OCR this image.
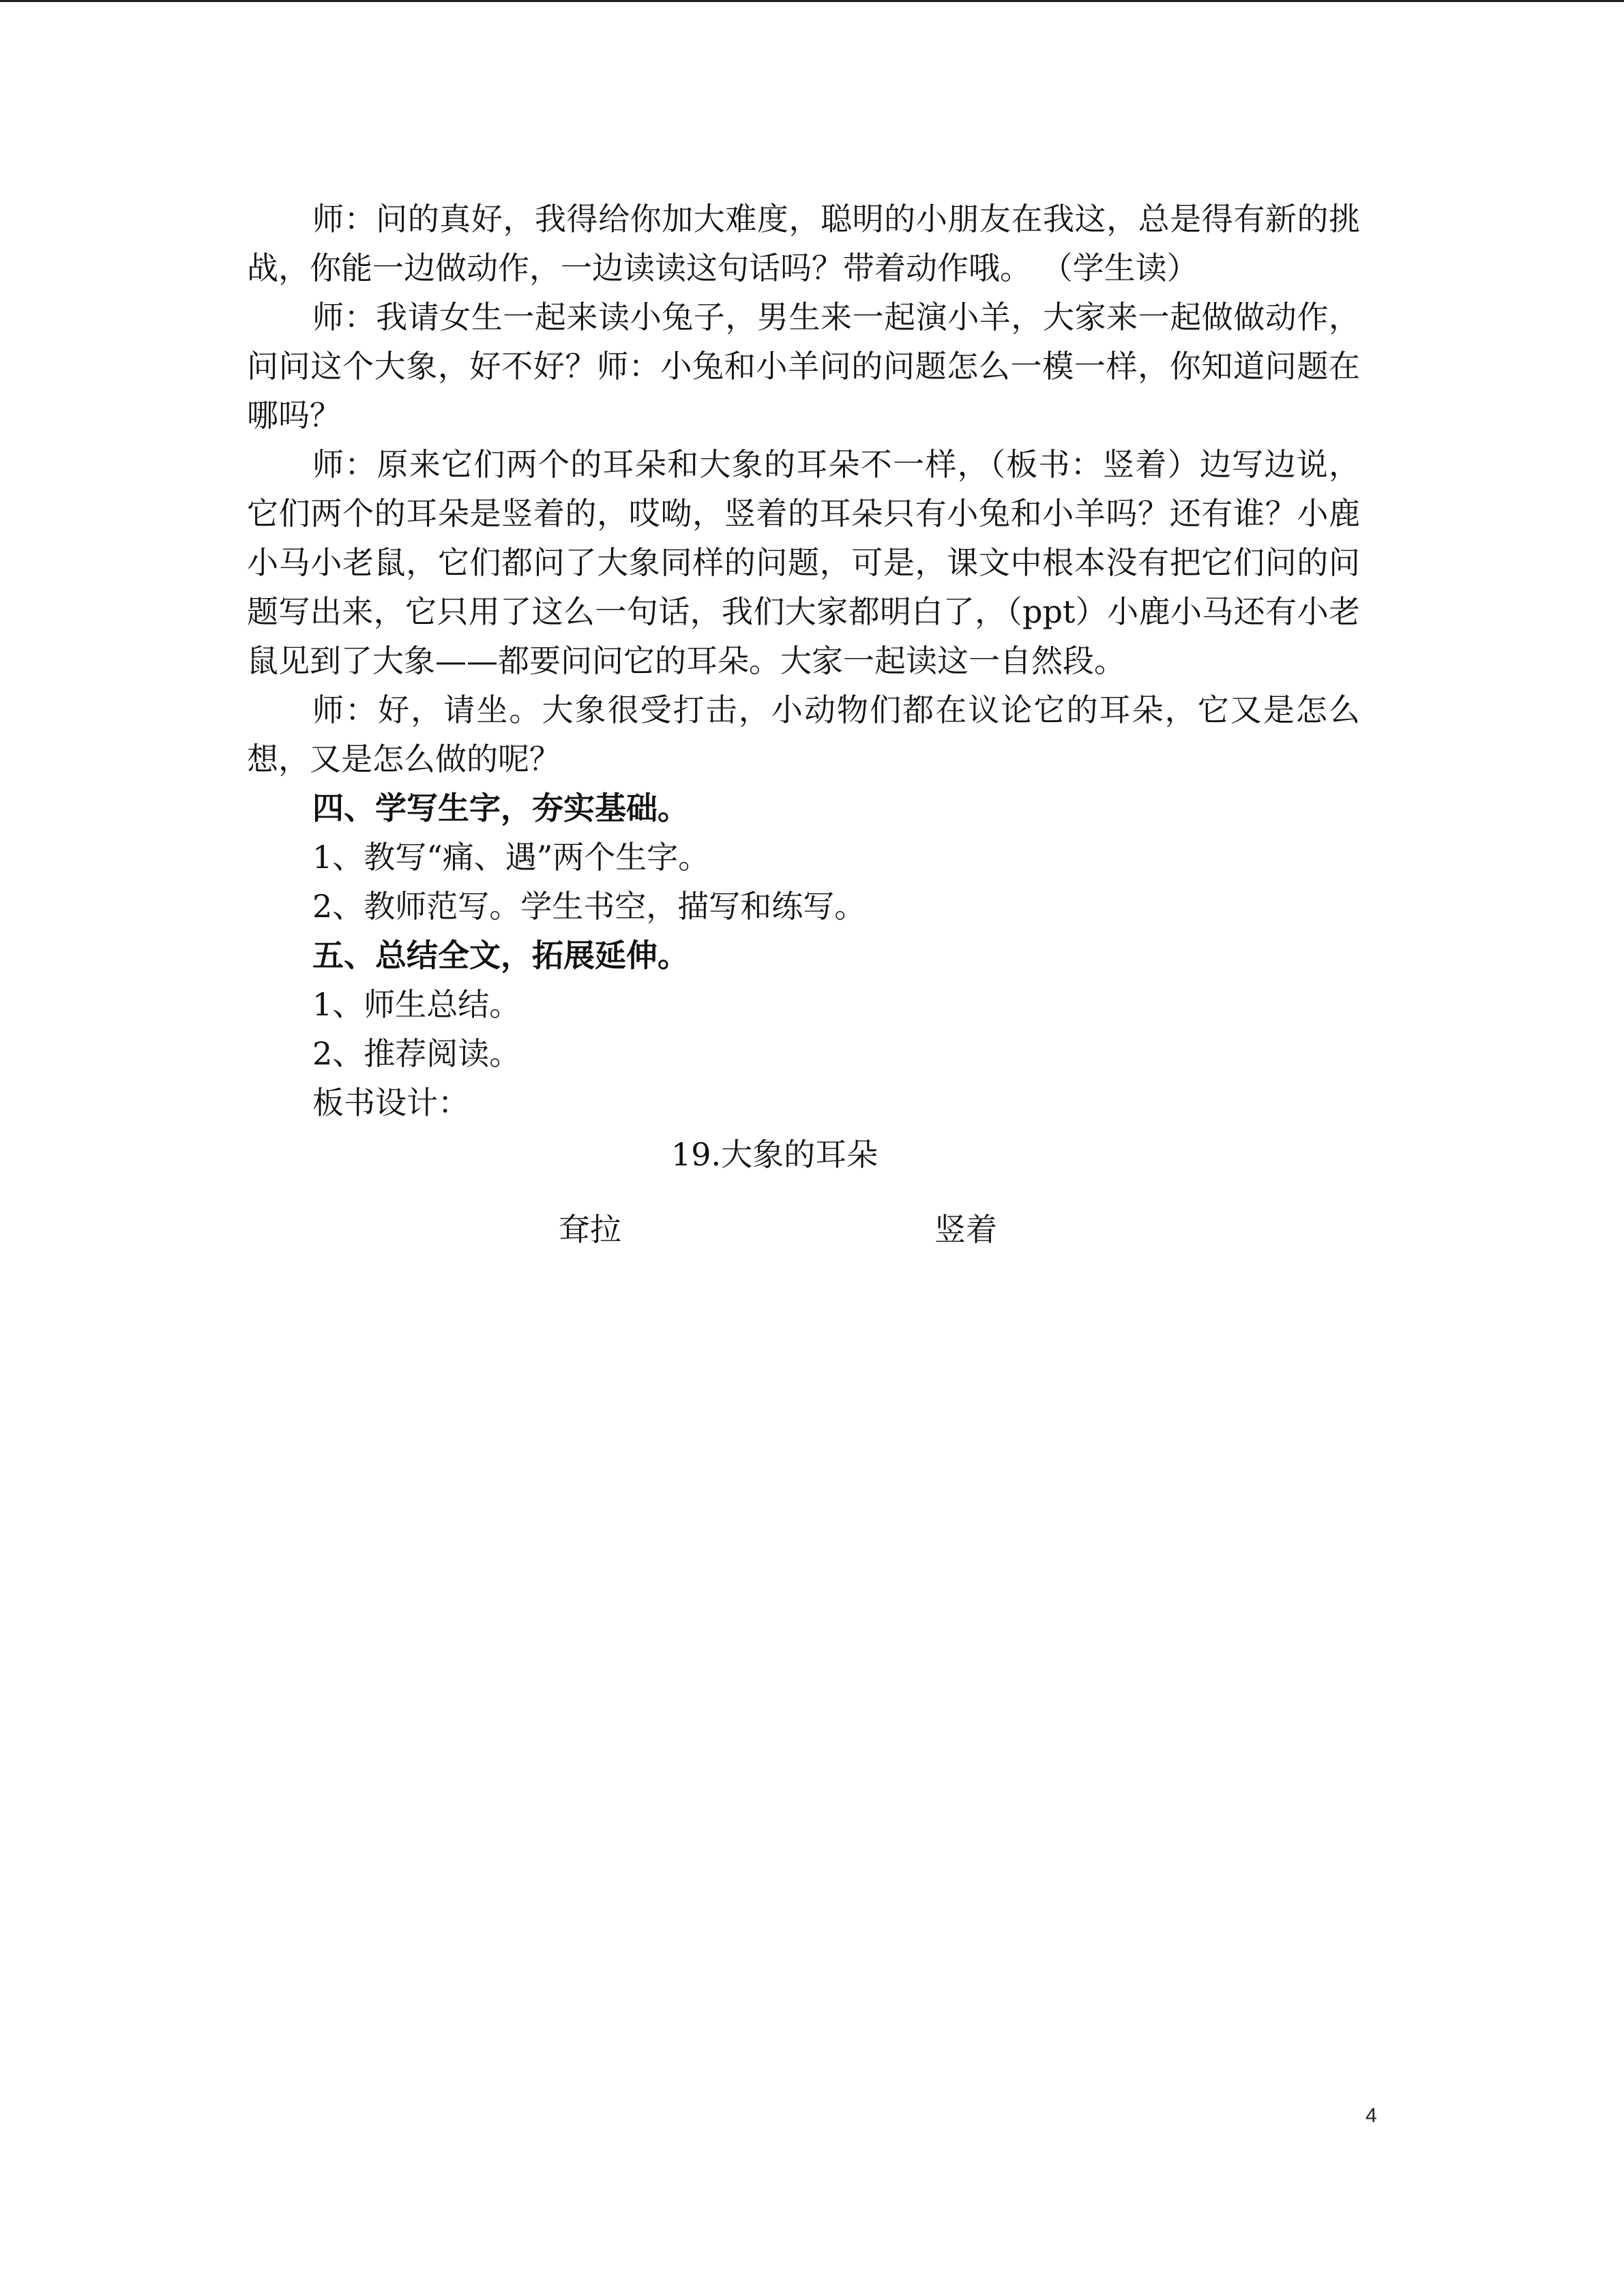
师：问的真好，我得给你加大难度，聪明的小朋友在我这，总是得有新的挑战，你能一边做动作，一边读读这句话吗？带着动作哦。 （学生读）

师：我请女生一起来读小兔子，男生来一起演小羊，大家来一起做做动作，问问这个大象，好不好？师：小兔和小羊问的问题怎么一模一样，你知道问题在哪吗？

师：原来它们两个的耳朵和大象的耳朵不一样，（板书：竖着）边写边说，它们两个的耳朵是竖着的，哎呦，竖着的耳朵只有小兔和小羊吗？还有谁？小鹿小马小老鼠，它们都问了大象同样的问题，可是，课文中根本没有把它们问的问题写出来，它只用了这么一句话，我们大家都明白了，（ppt）小鹿小马还有小老鼠见到了大象——都要问问它的耳朵。大家一起读这一自然段。

师：好，请坐。大象很受打击，小动物们都在议论它的耳朵，它又是怎么想，又是怎么做的呢？

四、学写生字，夯实基础。

1、教写“痛、遇”两个生字。

2、教师范写。学生书空，描写和练写。

五、总结全文，拓展延伸。

1、师生总结。

2、推荐阅读。

板书设计：

19.大象的耳朵

耷拉	竖着
4
